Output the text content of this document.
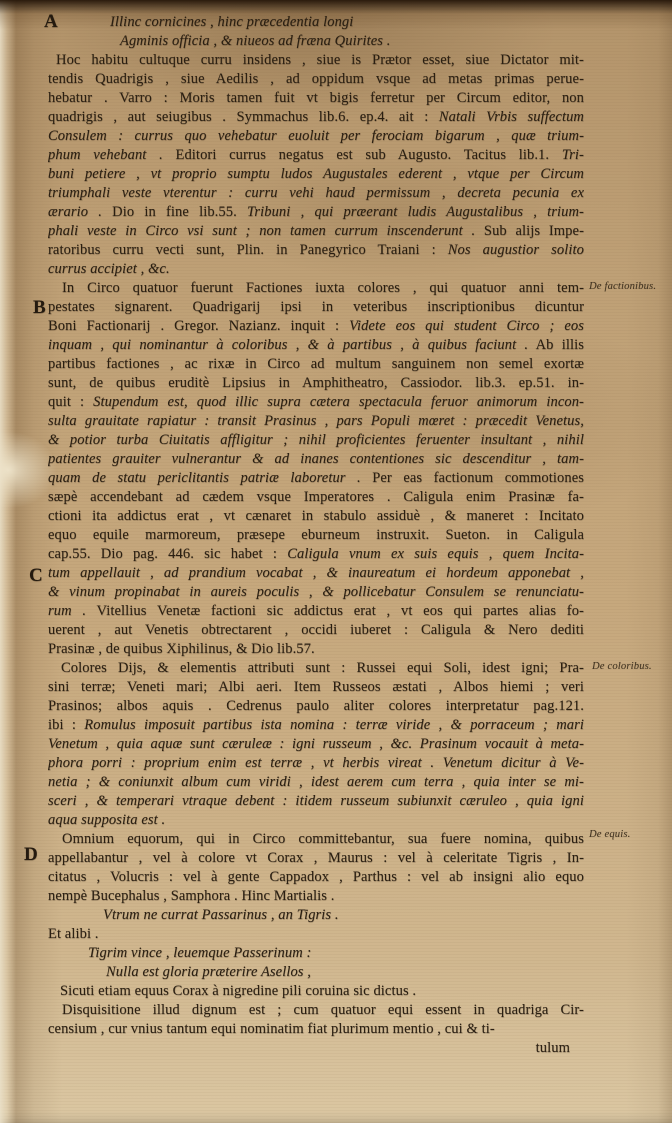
Illinc cornicines , hinc præcedentia longi
Agminis officia , & niueos ad fræna Quirites .
Hoc habitu cultuque curru insidens , siue is Prætor esset, siue Dictator mit-
tendis Quadrigis , siue Aedilis , ad oppidum vsque ad metas primas perue-
hebatur . Varro : Moris tamen fuit vt bigis ferretur per Circum editor, non
quadrigis , aut seiugibus . Symmachus lib.6. ep.4. ait : Natali Vrbis suffectum
Consulem : currus quo vehebatur euoluit per ferociam bigarum , quæ trium-
phum vehebant . Editori currus negatus est sub Augusto. Tacitus lib.1. Tri-
buni petiere , vt proprio sumptu ludos Augustales ederent , vtque per Circum
triumphali veste vterentur : curru vehi haud permissum , decreta pecunia ex
ærario . Dio in fine lib.55. Tribuni , qui præerant ludis Augustalibus , trium-
phali veste in Circo vsi sunt ; non tamen currum inscenderunt . Sub alijs Impe-
ratoribus curru vecti sunt, Plin. in Panegyrico Traiani : Nos augustior solito
currus accipiet , &c.
In Circo quatuor fuerunt Factiones iuxta colores , qui quatuor anni tem-
pestates signarent. Quadrigarij ipsi in veteribus inscriptionibus dicuntur
Boni Factionarij . Gregor. Nazianz. inquit : Videte eos qui student Circo ; eos
inquam , qui nominantur à coloribus , & à partibus , à quibus faciunt . Ab illis
partibus factiones , ac rixæ in Circo ad multum sanguinem non semel exortæ
sunt, de quibus eruditè Lipsius in Amphitheatro, Cassiodor. lib.3. ep.51. in-
quit : Stupendum est, quod illic supra cætera spectacula feruor animorum incon-
sulta grauitate rapiatur : transit Prasinus , pars Populi mœret : præcedit Venetus,
& potior turba Ciuitatis affligitur ; nihil proficientes feruenter insultant , nihil
patientes grauiter vulnerantur & ad inanes contentiones sic descenditur , tam-
quam de statu periclitantis patriæ laboretur . Per eas factionum commotiones
sæpè accendebant ad cædem vsque Imperatores . Caligula enim Prasinæ fa-
ctioni ita addictus erat , vt cænaret in stabulo assiduè , & maneret : Incitato
equo equile marmoreum, præsepe eburneum instruxit. Sueton. in Caligula
cap.55. Dio pag. 446. sic habet : Caligula vnum ex suis equis , quem Incita-
tum appellauit , ad prandium vocabat , & inaureatum ei hordeum apponebat ,
& vinum propinabat in aureis poculis , & pollicebatur Consulem se renunciatu-
rum . Vitellius Venetæ factioni sic addictus erat , vt eos qui partes alias fo-
uerent , aut Venetis obtrectarent , occidi iuberet : Caligula & Nero dediti
Prasinæ , de quibus Xiphilinus, & Dio lib.57.
Colores Dijs, & elementis attributi sunt : Russei equi Soli, idest igni; Pra-
sini terræ; Veneti mari; Albi aeri. Item Russeos æstati , Albos hiemi ; veri
Prasinos; albos aquis . Cedrenus paulo aliter colores interpretatur pag.121.
ibi : Romulus imposuit partibus ista nomina : terræ viride , & porraceum ; mari
Venetum , quia aquæ sunt cæruleæ : igni russeum , &c. Prasinum vocauit à meta-
phora porri : proprium enim est terræ , vt herbis vireat . Venetum dicitur à Ve-
netia ; & coniunxit album cum viridi , idest aerem cum terra , quia inter se mi-
sceri , & temperari vtraque debent : itidem russeum subiunxit cæruleo , quia igni
aqua supposita est .
Omnium equorum, qui in Circo committebantur, sua fuere nomina, quibus
appellabantur , vel à colore vt Corax , Maurus : vel à celeritate Tigris , In-
citatus , Volucris : vel à gente Cappadox , Parthus : vel ab insigni alio equo
nempè Bucephalus , Samphora . Hinc Martialis .
Vtrum ne currat Passarinus , an Tigris .
Et alibi .
Tigrim vince , leuemque Passerinum :
Nulla est gloria præterire Asellos ,
Sicuti etiam equus Corax à nigredine pili coruina sic dictus .
Disquisitione illud dignum est ; cum quatuor equi essent in quadriga Cir-
censium , cur vnius tantum equi nominatim fiat plurimum mentio , cui & ti-
tulum
A
B
C
D
De factionibus.
De coloribus.
De equis.
